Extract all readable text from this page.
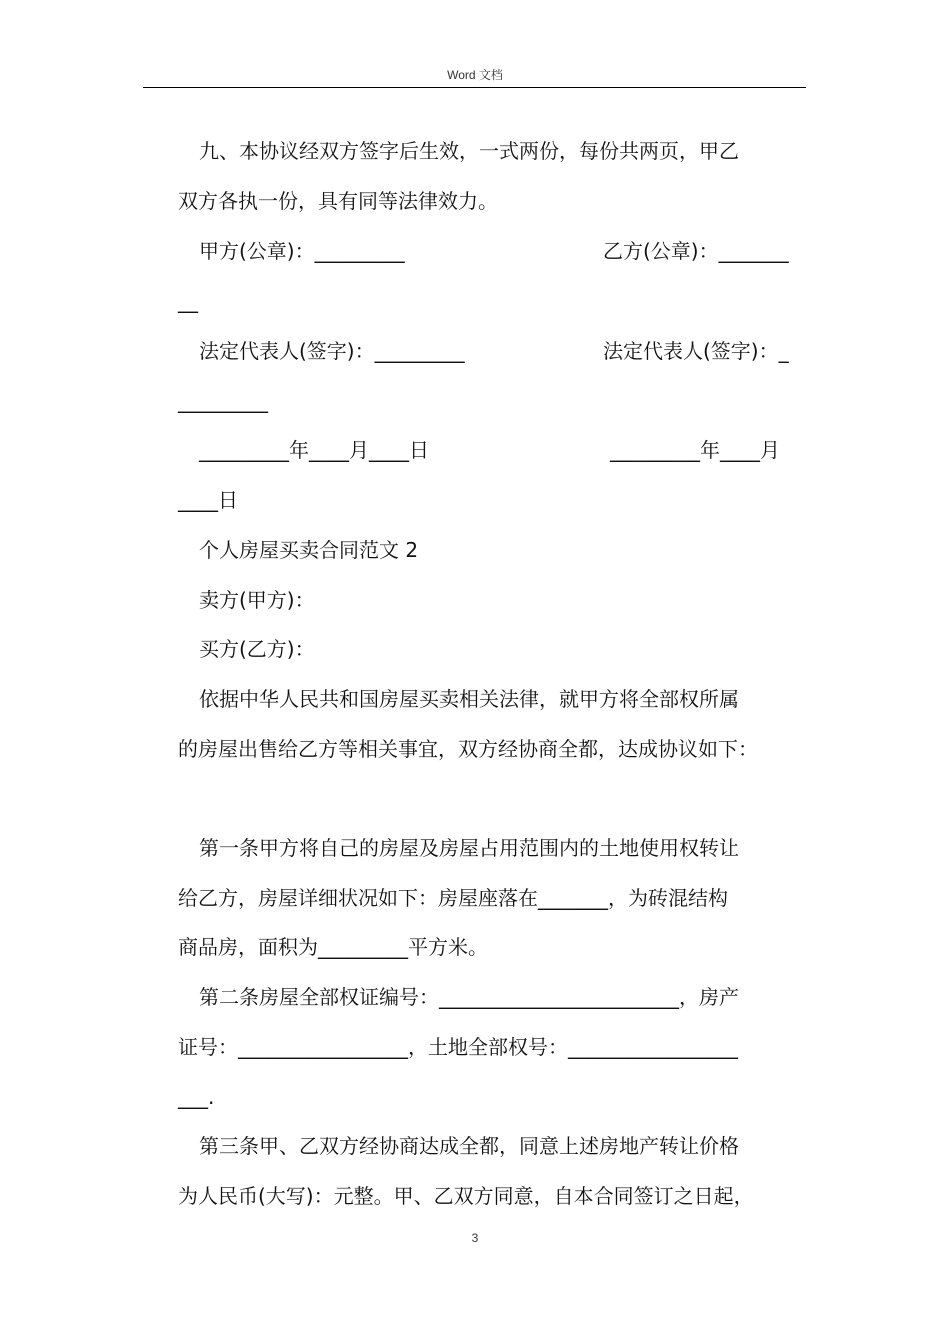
Word 文档
九、本协议经双方签字后生效，一式两份，每份共两页，甲乙
双方各执一份，具有同等法律效力。
甲方(公章)：_________	乙方(公章)：_______
__
法定代表人(签字)：_________	法定代表人(签字)：_
_________
_________年____月____日	_________年____月
____日
个人房屋买卖合同范文 2
卖方(甲方)：
买方(乙方)：
依据中华人民共和国房屋买卖相关法律，就甲方将全部权所属
的房屋出售给乙方等相关事宜，双方经协商全都，达成协议如下：
第一条甲方将自己的房屋及房屋占用范围内的土地使用权转让
给乙方，房屋详细状况如下：房屋座落在_______，为砖混结构
商品房，面积为_________平方米。
第二条房屋全部权证编号：________________________，房产
证号：_________________，土地全部权号：_________________
___.
第三条甲、乙双方经协商达成全都，同意上述房地产转让价格
为人民币(大写)：元整。甲、乙双方同意，自本合同签订之日起，
3
